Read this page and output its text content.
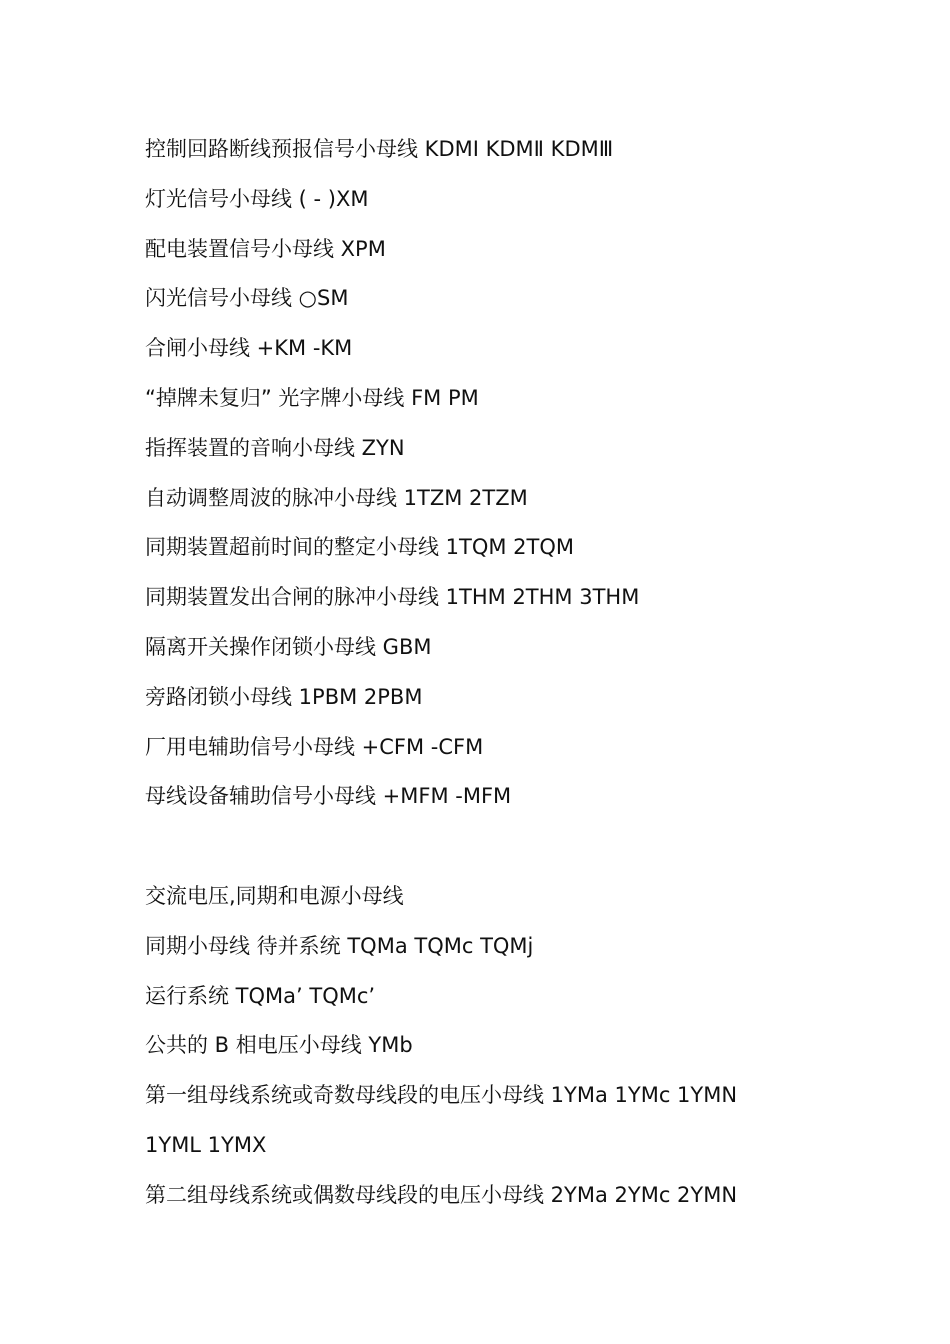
控制回路断线预报信号小母线 KDMⅠ KDMⅡ KDMⅢ
灯光信号小母线 ( - )XM
配电装置信号小母线 XPM
闪光信号小母线 ○SM
合闸小母线 +KM -KM
“掉牌未复归” 光字牌小母线 FM PM
指挥装置的音响小母线 ZYN
自动调整周波的脉冲小母线 1TZM 2TZM
同期装置超前时间的整定小母线 1TQM 2TQM
同期装置发出合闸的脉冲小母线 1THM 2THM 3THM
隔离开关操作闭锁小母线 GBM
旁路闭锁小母线 1PBM 2PBM
厂用电辅助信号小母线 +CFM -CFM
母线设备辅助信号小母线 +MFM -MFM
交流电压,同期和电源小母线
同期小母线 待并系统 TQMa TQMc TQMj
运行系统 TQMa’ TQMc’
公共的 B 相电压小母线 YMb
第一组母线系统或奇数母线段的电压小母线 1YMa 1YMc 1YMN
1YML 1YMX
第二组母线系统或偶数母线段的电压小母线 2YMa 2YMc 2YMN
